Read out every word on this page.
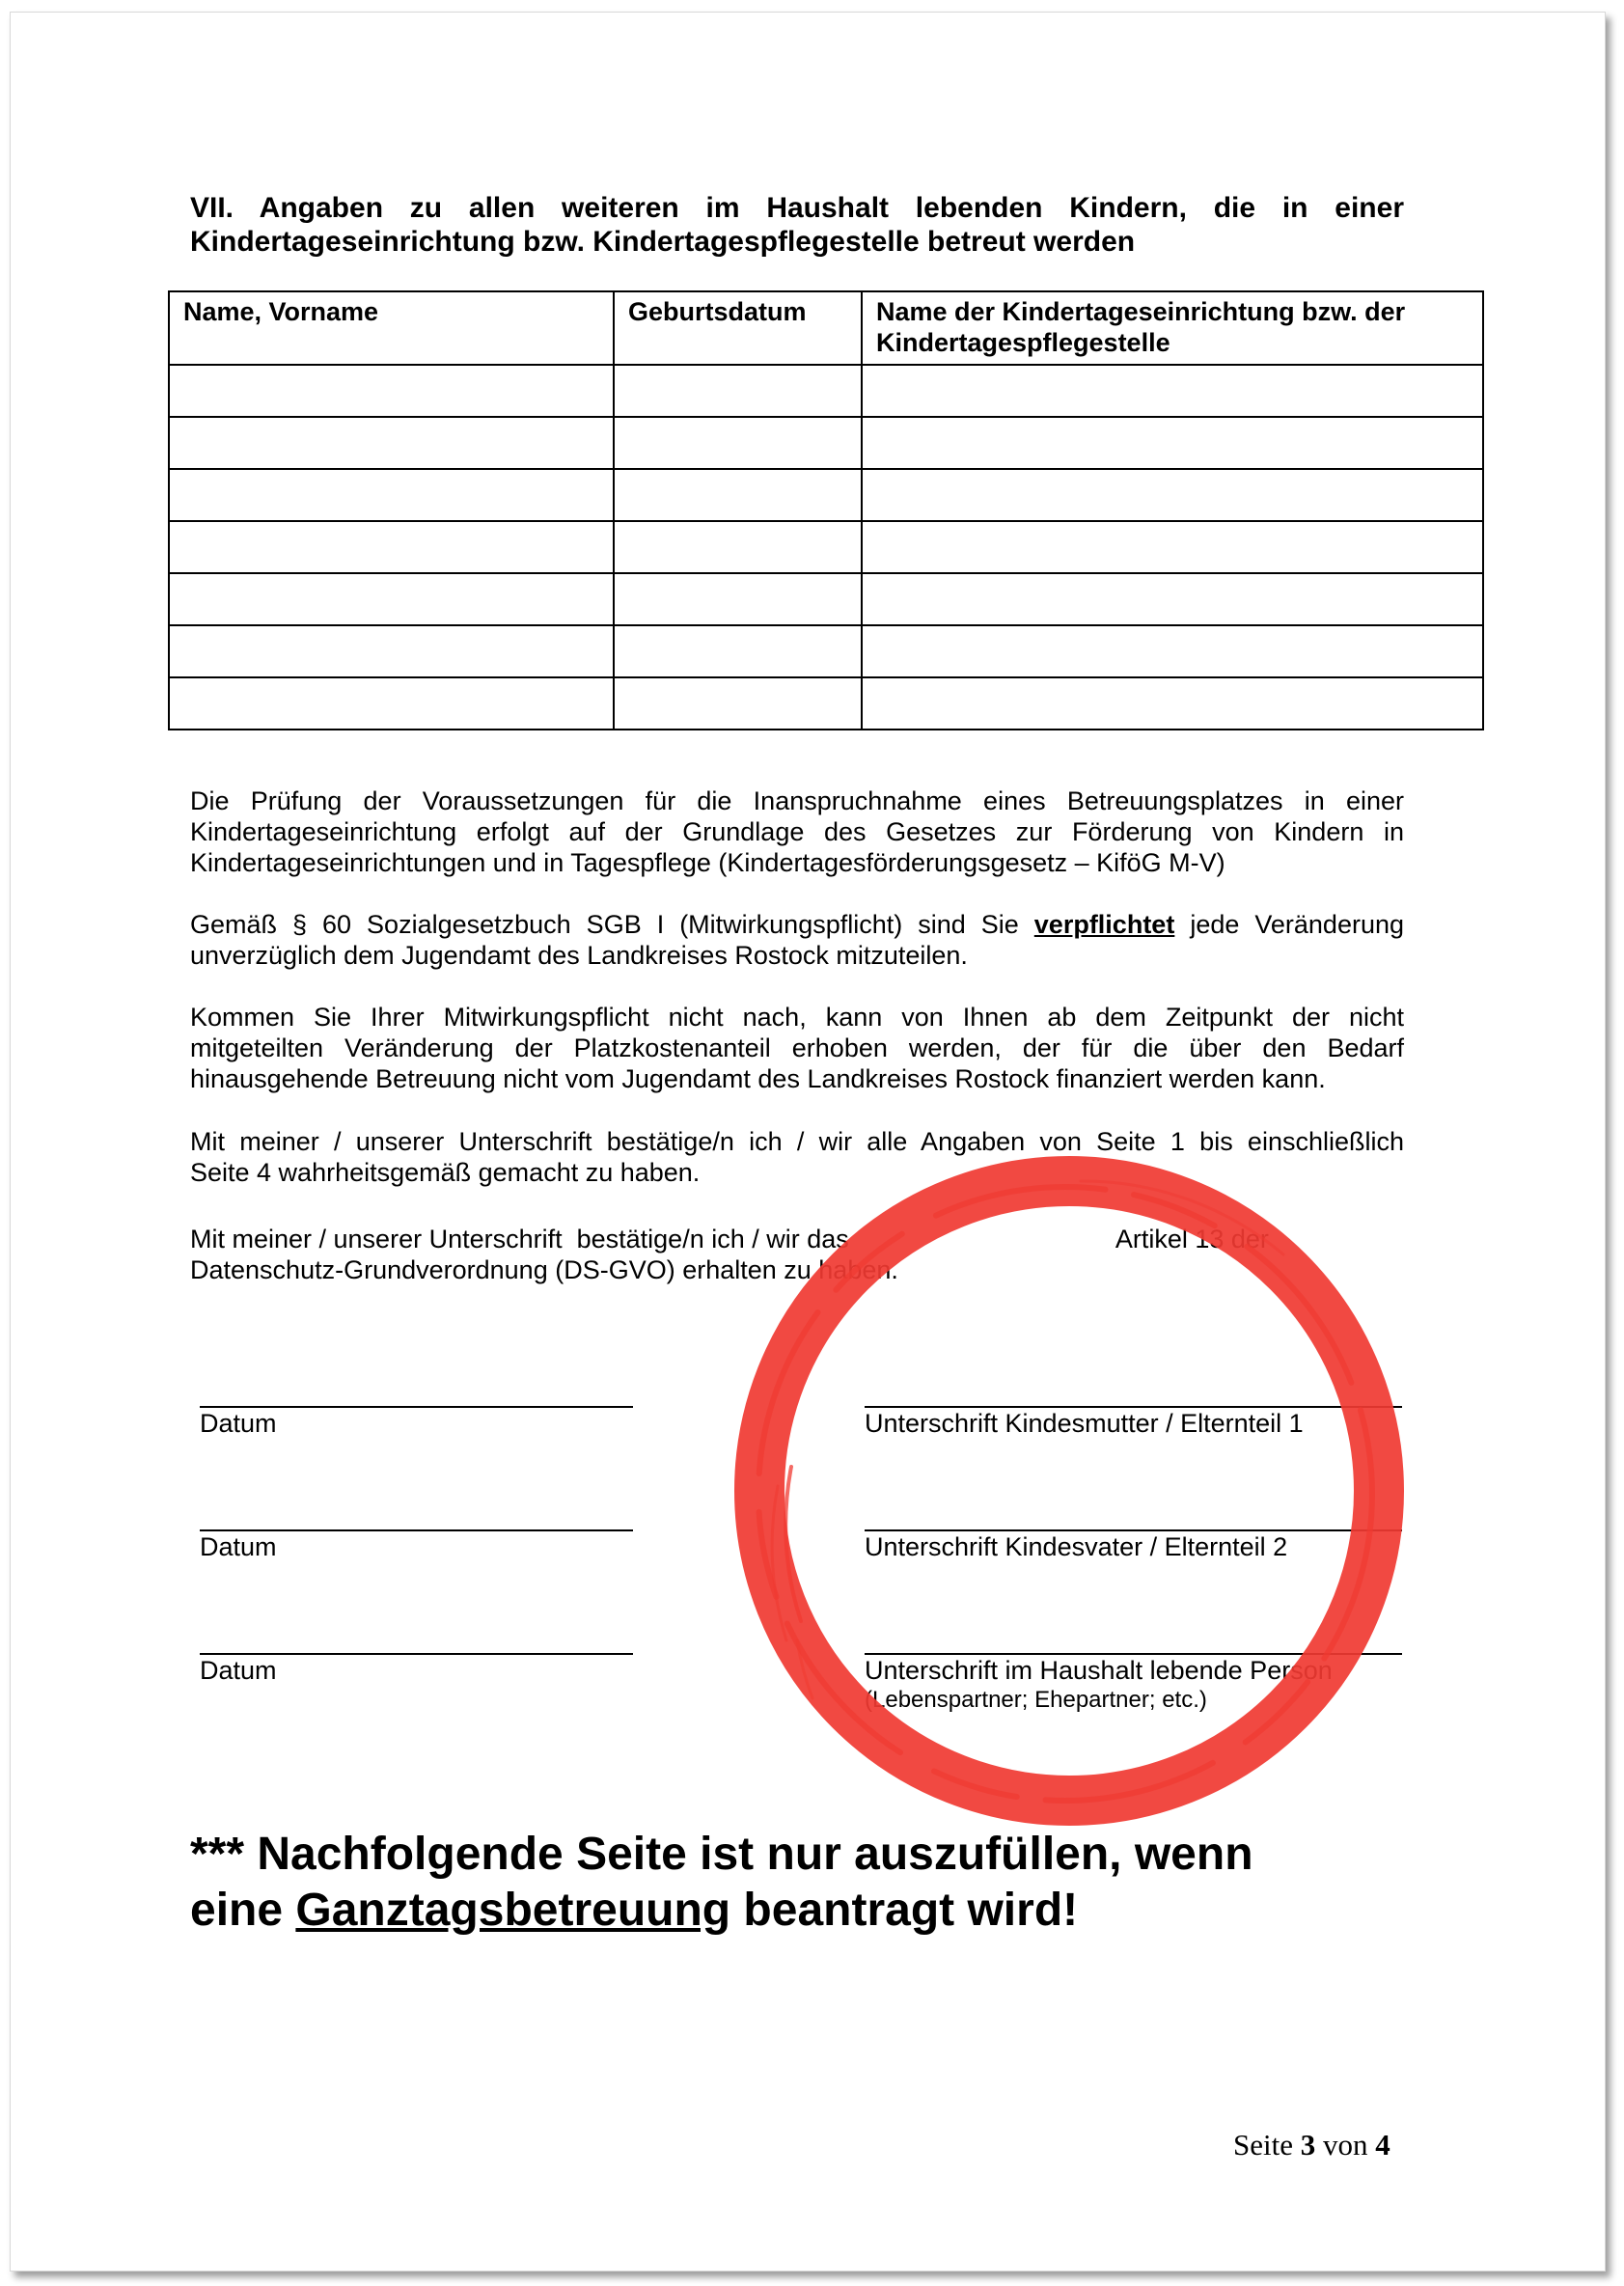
VII. Angaben zu allen weiteren im Haushalt lebenden Kindern, die in einer
Kindertageseinrichtung bzw. Kindertagespflegestelle betreut werden
Name, Vorname	Geburtsdatum	Name der Kindertageseinrichtung bzw. der Kindertagespflegestelle

Die Prüfung der Voraussetzungen für die Inanspruchnahme eines Betreuungsplatzes in einer
Kindertageseinrichtung erfolgt auf der Grundlage des Gesetzes zur Förderung von Kindern in
Kindertageseinrichtungen und in Tagespflege (Kindertagesförderungsgesetz – KiföG M-V)
Gemäß § 60 Sozialgesetzbuch SGB I (Mitwirkungspflicht) sind Sie verpflichtet jede Veränderung
unverzüglich dem Jugendamt des Landkreises Rostock mitzuteilen.
Kommen Sie Ihrer Mitwirkungspflicht nicht nach, kann von Ihnen ab dem Zeitpunkt der nicht
mitgeteilten Veränderung der Platzkostenanteil erhoben werden, der für die über den Bedarf
hinausgehende Betreuung nicht vom Jugendamt des Landkreises Rostock finanziert werden kann.
Mit meiner / unserer Unterschrift bestätige/n ich / wir alle Angaben von Seite 1 bis einschließlich
Seite 4 wahrheitsgemäß gemacht zu haben.
Mit meiner / unserer Unterschrift  bestätige/n ich / wir das                                     Artikel 13 der
Datenschutz-Grundverordnung (DS-GVO) erhalten zu haben.
Datum	Unterschrift Kindesmutter / Elternteil 1
Datum	Unterschrift Kindesvater / Elternteil 2
Datum	Unterschrift im Haushalt lebende Person
(Lebenspartner; Ehepartner; etc.)
*** Nachfolgende Seite ist nur auszufüllen, wenn
eine Ganztagsbetreuung beantragt wird!
Seite 3 von 4
